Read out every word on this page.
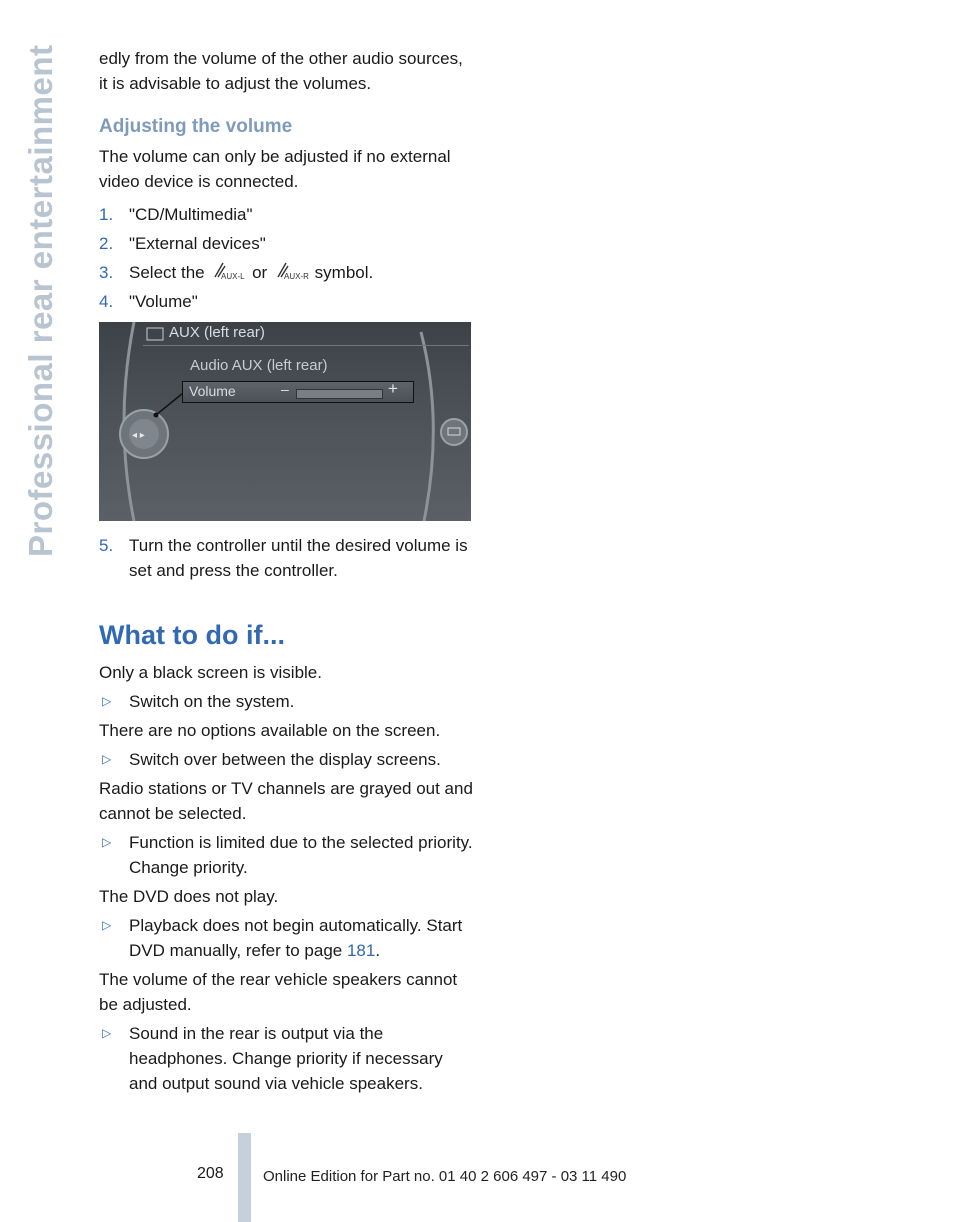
Professional rear entertainment edly from the volume of the other audio sources, it is advisable to adjust the volumes.

Adjusting the volume

The volume can only be adjusted if no external video device is connected.

1. "CD/Multimedia"
2. "External devices"
3. Select the AUX-L or AUX-R symbol.
4. "Volume"
◂ ▸
AUX (left rear)
Audio AUX (left rear)
Volume	–	+
5. Turn the controller until the desired volume is set and press the controller.
What to do if...

Only a black screen is visible.

▷ Switch on the system.

There are no options available on the screen.

▷ Switch over between the display screens.

Radio stations or TV channels are grayed out and cannot be selected.

▷ Function is limited due to the selected priority. Change priority.

The DVD does not play.

▷ Playback does not begin automatically. Start DVD manually, refer to page 181.

The volume of the rear vehicle speakers cannot be adjusted.

▷ Sound in the rear is output via the headphones. Change priority if necessary and output sound via vehicle speakers.
208	Online Edition for Part no. 01 40 2 606 497 - 03 11 490
